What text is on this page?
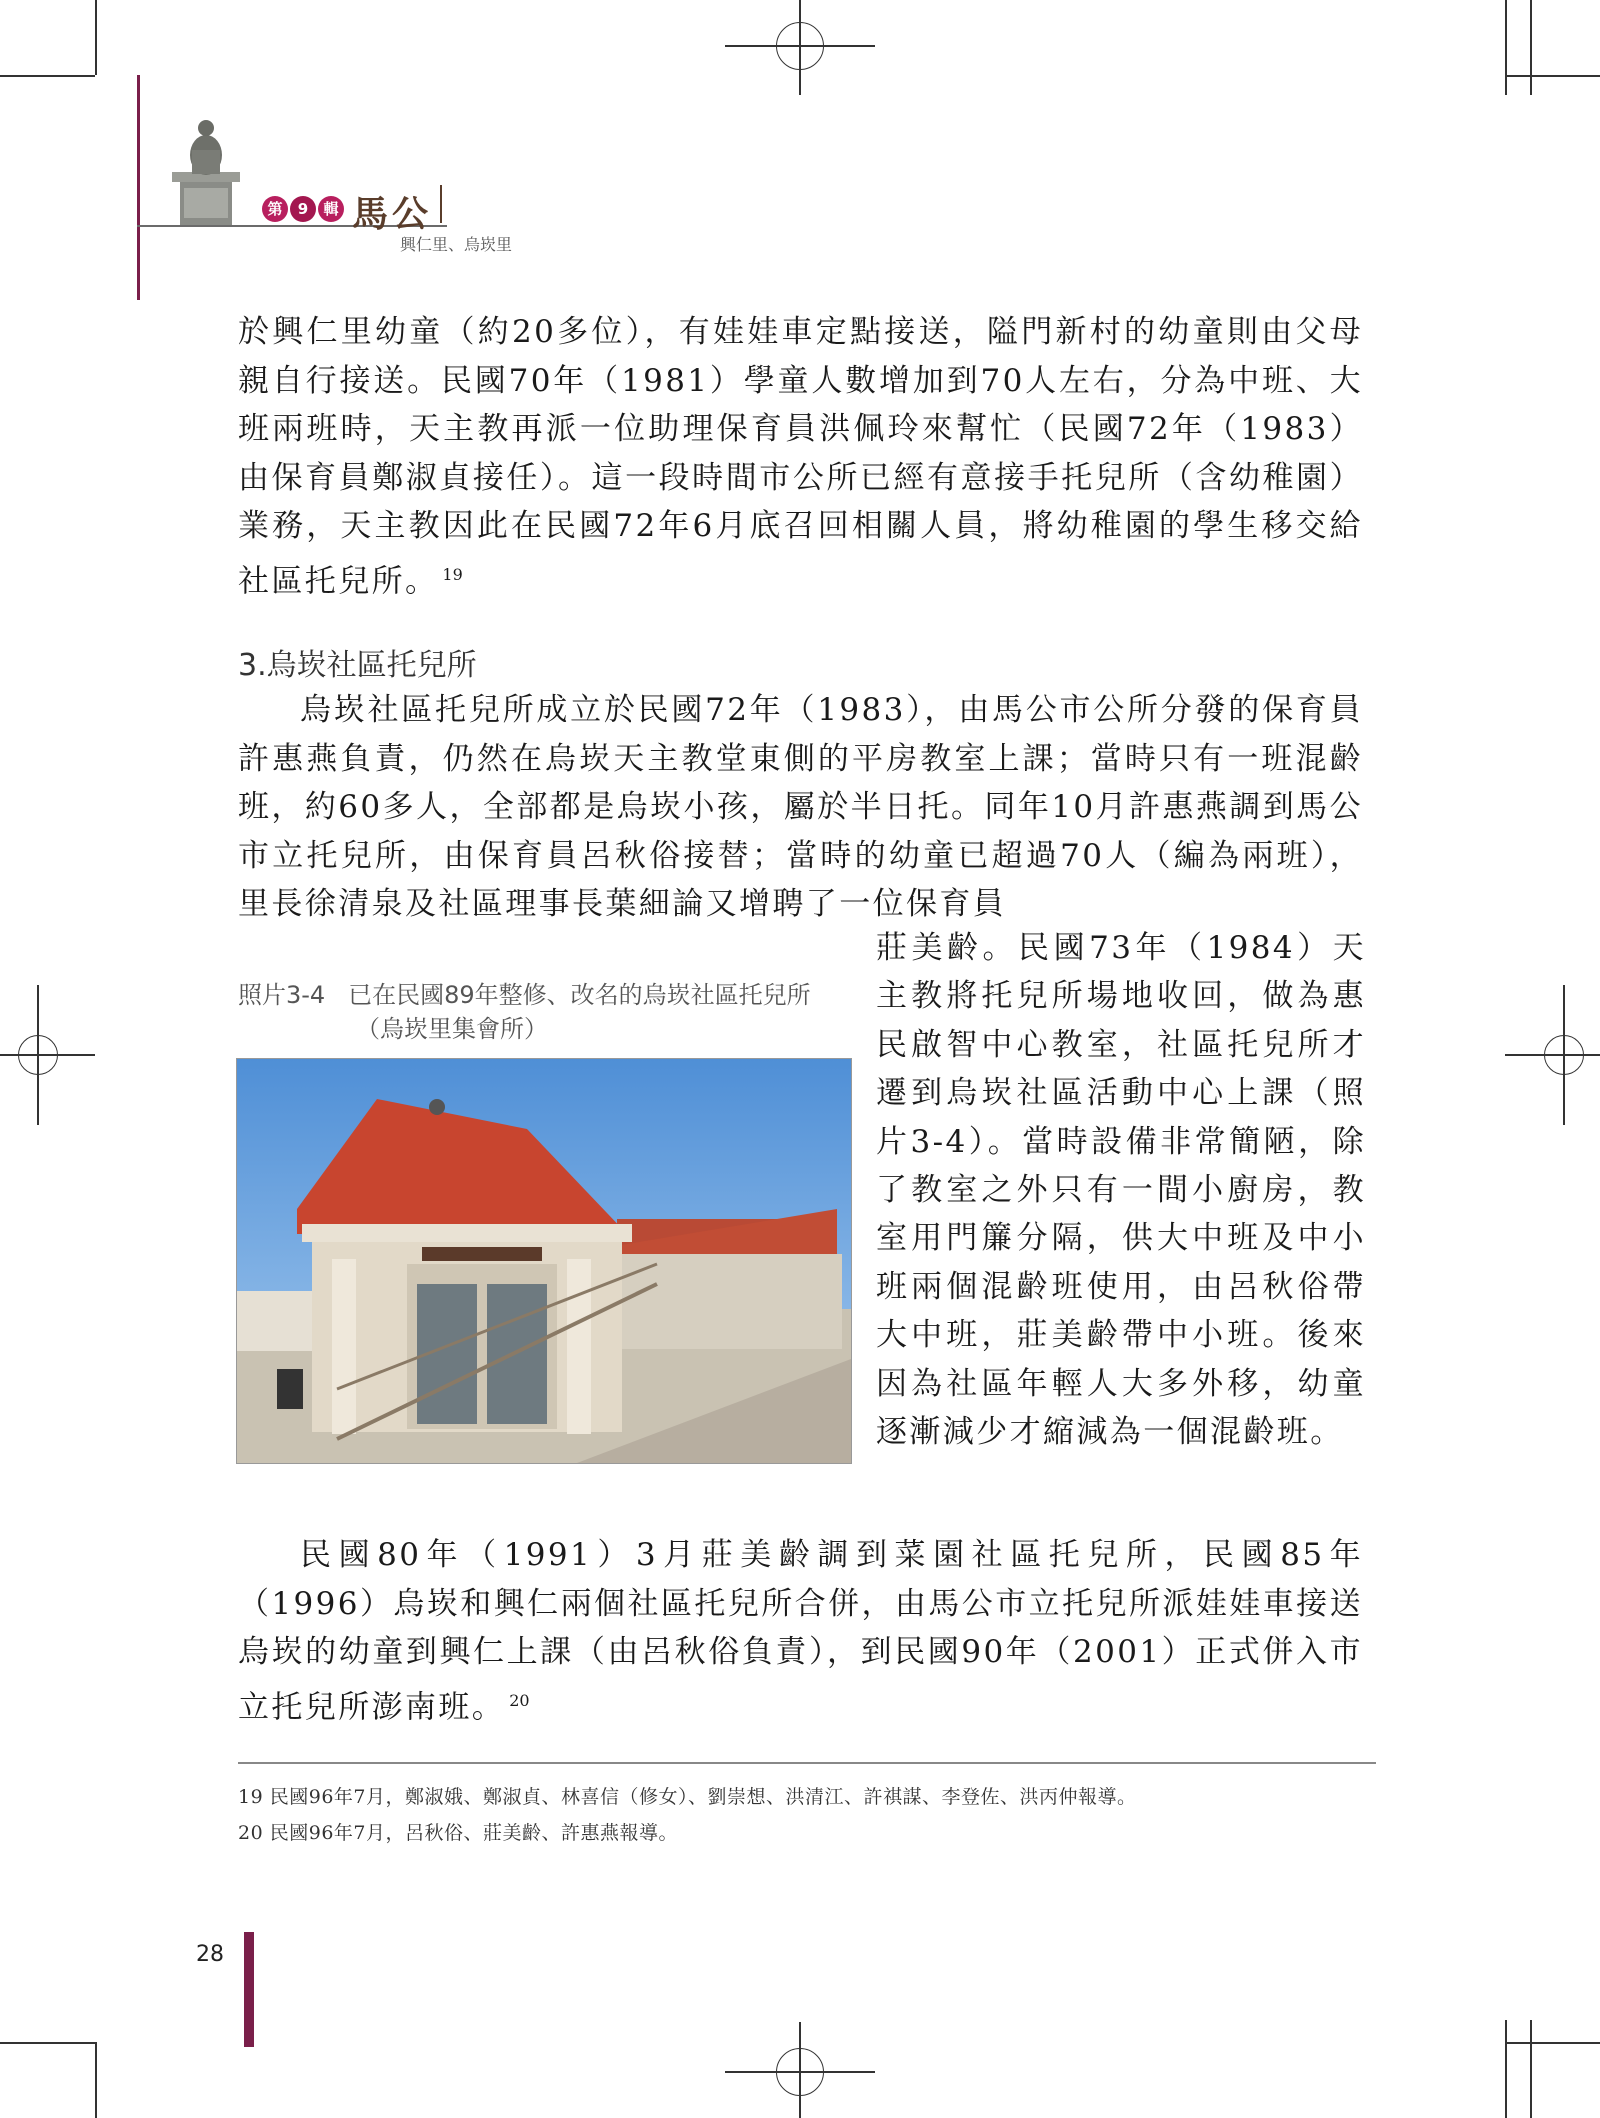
第	9	輯 馬公
興仁里、烏崁里
於興仁里幼童（約20多位），有娃娃車定點接送，隘門新村的幼童則由父母親自行接送。民國70年（1981）學童人數增加到70人左右，分為中班、大班兩班時，天主教再派一位助理保育員洪佩玲來幫忙（民國72年（1983）由保育員鄭淑貞接任）。這一段時間市公所已經有意接手托兒所（含幼稚園）業務，天主教因此在民國72年6月底召回相關人員，將幼稚園的學生移交給社區托兒所。 $^{19}$
3.烏崁社區托兒所
烏崁社區托兒所成立於民國72年（1983），由馬公市公所分發的保育員許惠燕負責，仍然在烏崁天主教堂東側的平房教室上課；當時只有一班混齡班，約60多人，全部都是烏崁小孩，屬於半日托。同年10月許惠燕調到馬公市立托兒所，由保育員呂秋俗接替；當時的幼童已超過70人（編為兩班），里長徐清泉及社區理事長葉細論又增聘了一位保育員
照片3-4 已在民國89年整修、改名的烏崁社區托兒所
（烏崁里集會所）
莊美齡。民國73年（1984）天主教將托兒所場地收回，做為惠民啟智中心教室，社區托兒所才遷到烏崁社區活動中心上課（照片3-4）。當時設備非常簡陋，除了教室之外只有一間小廚房，教室用門簾分隔，供大中班及中小班兩個混齡班使用，由呂秋俗帶大中班，莊美齡帶中小班。後來因為社區年輕人大多外移，幼童逐漸減少才縮減為一個混齡班。
民國80年（1991）3月莊美齡調到菜園社區托兒所，民國85年（1996）烏崁和興仁兩個社區托兒所合併，由馬公市立托兒所派娃娃車接送烏崁的幼童到興仁上課（由呂秋俗負責），到民國90年（2001）正式併入市立托兒所澎南班。 $^{20}$
19 民國96年7月，鄭淑娥、鄭淑貞、林喜信（修女）、劉崇想、洪清江、許祺謀、李登佐、洪丙仲報導。
20 民國96年7月，呂秋俗、莊美齡、許惠燕報導。
28
